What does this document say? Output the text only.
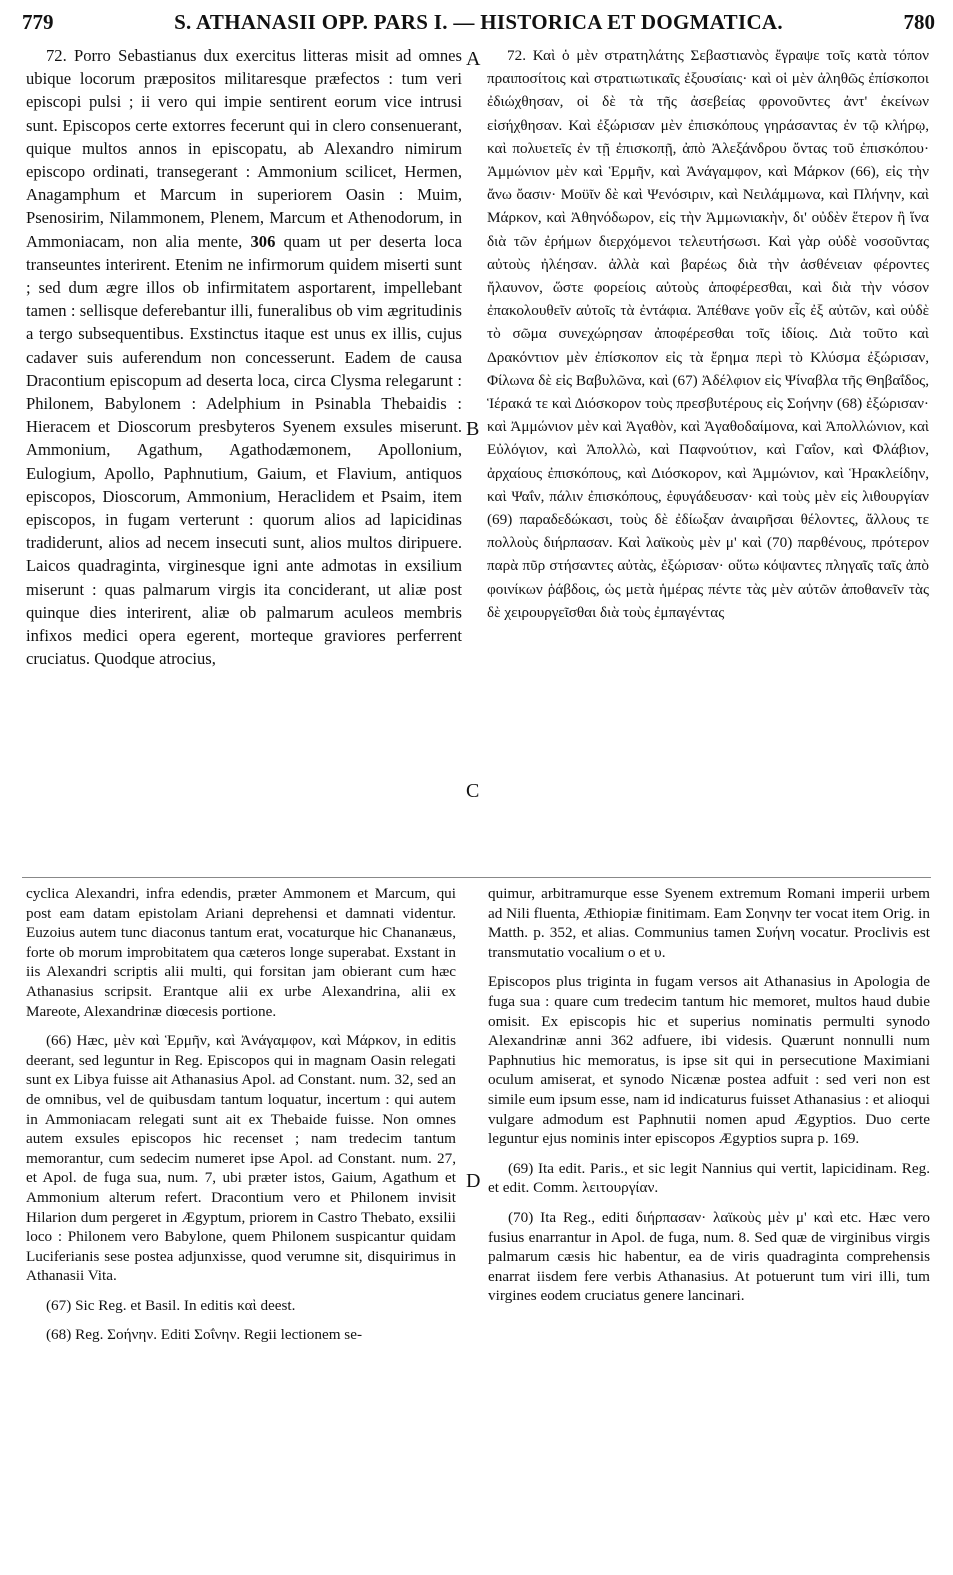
779	S. ATHANASII OPP. PARS I. — HISTORICA ET DOGMATICA.	780

72. Porro Sebastianus dux exercitus litteras misit ad omnes ubique locorum præpositos militaresque præfectos : tum veri episcopi pulsi ; ii vero qui impie sentirent eorum vice intrusi sunt. Episcopos certe extorres fecerunt qui in clero consenuerant, quique multos annos in episcopatu, ab Alexandro nimirum episcopo ordinati, transegerant : Ammonium scilicet, Hermen, Anagamphum et Marcum in superiorem Oasin : Muim, Psenosirim, Nilammonem, Plenem, Marcum et Athenodorum, in Ammoniacam, non alia mente, 306 quam ut per deserta loca transeuntes interirent. Etenim ne infirmorum quidem miserti sunt ; sed dum ægre illos ob infirmitatem asportarent, impellebant tamen : sellisque deferebantur illi, funeralibus ob vim ægritudinis a tergo subsequentibus. Exstinctus itaque est unus ex illis, cujus cadaver suis auferendum non concesserunt. Eadem de causa Dracontium episcopum ad deserta loca, circa Clysma relegarunt : Philonem, Babylonem : Adelphium in Psinabla Thebaidis : Hieracem et Dioscorum presbyteros Syenem exsules miserunt. Ammonium, Agathum, Agathodæmonem, Apollonium, Eulogium, Apollo, Paphnutium, Gaium, et Flavium, antiquos episcopos, Dioscorum, Ammonium, Heraclidem et Psaim, item episcopos, in fugam verterunt : quorum alios ad lapicidinas tradiderunt, alios ad necem insecuti sunt, alios multos diripuere. Laicos quadraginta, virginesque igni ante admotas in exsilium miserunt : quas palmarum virgis ita conciderant, ut aliæ post quinque dies interirent, aliæ ob palmarum aculeos membris infixos medici opera egerent, morteque graviores perferrent cruciatus. Quodque atrocius,

A
B
C
D

72. Καὶ ὁ μὲν στρατηλάτης Σεβαστιανὸς ἔγραψε τοῖς κατὰ τόπον πραιποσίτοις καὶ στρατιωτικαῖς ἐξουσίαις· καὶ οἱ μὲν ἀληθῶς ἐπίσκοποι ἐδιώχθησαν, οἱ δὲ τὰ τῆς ἀσεβείας φρονοῦντες ἀντ' ἐκείνων εἰσήχθησαν. Καὶ ἐξώρισαν μὲν ἐπισκόπους γηράσαντας ἐν τῷ κλήρῳ, καὶ πολυετεῖς ἐν τῇ ἐπισκοπῇ, ἀπὸ Ἀλεξάνδρου ὄντας τοῦ ἐπισκόπου· Ἀμμώνιον μὲν καὶ Ἑρμῆν, καὶ Ἀνάγαμφον, καὶ Μάρκον (66), εἰς τὴν ἄνω ὄασιν· Μοϋῖν δὲ καὶ Ψενόσιριν, καὶ Νειλάμμωνα, καὶ Πλήνην, καὶ Μάρκον, καὶ Ἀθηνόδωρον, εἰς τὴν Ἀμμωνιακὴν, δι' οὐδὲν ἕτερον ἢ ἵνα διὰ τῶν ἐρήμων διερχόμενοι τελευτήσωσι. Καὶ γὰρ οὐδὲ νοσοῦντας αὐτοὺς ἠλέησαν. ἀλλὰ καὶ βαρέως διὰ τὴν ἀσθένειαν φέροντες ἤλαυνον, ὥστε φορείοις αὐτοὺς ἀποφέρεσθαι, καὶ διὰ τὴν νόσον ἐπακολουθεῖν αὐτοῖς τὰ ἐντάφια. Ἀπέθανε γοῦν εἷς ἐξ αὐτῶν, καὶ οὐδὲ τὸ σῶμα συνεχώρησαν ἀποφέρεσθαι τοῖς ἰδίοις. Διὰ τοῦτο καὶ Δρακόντιον μὲν ἐπίσκοπον εἰς τὰ ἔρημα περὶ τὸ Κλύσμα ἐξώρισαν, Φίλωνα δὲ εἰς Βαβυλῶνα, καὶ (67) Ἀδέλφιον εἰς Ψίναβλα τῆς Θηβαΐδος, Ἱέρακά τε καὶ Διόσκορον τοὺς πρεσβυτέρους εἰς Σοήνην (68) ἐξώρισαν· καὶ Ἀμμώνιον μὲν καὶ Ἀγαθὸν, καὶ Ἀγαθοδαίμονα, καὶ Ἀπολλώνιον, καὶ Εὐλόγιον, καὶ Ἀπολλὼ, καὶ Παφνούτιον, καὶ Γαΐον, καὶ Φλάβιον, ἀρχαίους ἐπισκόπους, καὶ Διόσκορον, καὶ Ἀμμώνιον, καὶ Ἡρακλείδην, καὶ Ψαΐν, πάλιν ἐπισκόπους, ἐφυγάδευσαν· καὶ τοὺς μὲν εἰς λιθουργίαν (69) παραδεδώκασι, τοὺς δὲ ἐδίωξαν ἀναιρῆσαι θέλοντες, ἄλλους τε πολλοὺς διήρπασαν. Καὶ λαϊκοὺς μὲν μ' καὶ (70) παρθένους, πρότερον παρὰ πῦρ στήσαντες αὐτὰς, ἐξώρισαν· οὕτω κόψαντες πληγαῖς ταῖς ἀπὸ φοινίκων ῥάβδοις, ὡς μετὰ ἡμέρας πέντε τὰς μὲν αὐτῶν ἀποθανεῖν τὰς δὲ χειρουργεῖσθαι διὰ τοὺς ἐμπαγέντας

cyclica Alexandri, infra edendis, præter Ammonem et Marcum, qui post eam datam epistolam Ariani deprehensi et damnati videntur. Euzoius autem tunc diaconus tantum erat, vocaturque hic Chananæus, forte ob morum improbitatem qua cæteros longe superabat. Exstant in iis Alexandri scriptis alii multi, qui forsitan jam obierant cum hæc Athanasius scripsit. Erantque alii ex urbe Alexandrina, alii ex Mareote, Alexandrinæ diœcesis portione.

(66) Hæc, μὲν καὶ Ἑρμῆν, καὶ Ἀνάγαμφον, καὶ Μάρκον, in editis deerant, sed leguntur in Reg. Episcopos qui in magnam Oasin relegati sunt ex Libya fuisse ait Athanasius Apol. ad Constant. num. 32, sed an de omnibus, vel de quibusdam tantum loquatur, incertum : qui autem in Ammoniacam relegati sunt ait ex Thebaide fuisse. Non omnes autem exsules episcopos hic recenset ; nam tredecim tantum memorantur, cum sedecim numeret ipse Apol. ad Constant. num. 27, et Apol. de fuga sua, num. 7, ubi præter istos, Gaium, Agathum et Ammonium alterum refert. Dracontium vero et Philonem invisit Hilarion dum pergeret in Ægyptum, priorem in Castro Thebato, exsilii loco : Philonem vero Babylone, quem Philonem suspicantur quidam Luciferianis sese postea adjunxisse, quod verumne sit, disquirimus in Athanasii Vita.

(67) Sic Reg. et Basil. In editis καὶ deest.

(68) Reg. Σοήνην. Editi Σοΐνην. Regii lectionem se-

quimur, arbitramurque esse Syenem extremum Romani imperii urbem ad Nili fluenta, Æthiopiæ finitimam. Eam Σοηνην ter vocat item Orig. in Matth. p. 352, et alias. Communius tamen Συήνη vocatur. Proclivis est transmutatio vocalium ο et υ.

Episcopos plus triginta in fugam versos ait Athanasius in Apologia de fuga sua : quare cum tredecim tantum hic memoret, multos haud dubie omisit. Ex episcopis hic et superius nominatis permulti synodo Alexandrinæ anni 362 adfuere, ibi videsis. Quærunt nonnulli num Paphnutius hic memoratus, is ipse sit qui in persecutione Maximiani oculum amiserat, et synodo Nicænæ postea adfuit : sed veri non est simile eum ipsum esse, nam id indicaturus fuisset Athanasius : et alioqui vulgare admodum est Paphnutii nomen apud Ægyptios. Duo certe leguntur ejus nominis inter episcopos Ægyptios supra p. 169.

(69) Ita edit. Paris., et sic legit Nannius qui vertit, lapicidinam. Reg. et edit. Comm. λειτουργίαν.

(70) Ita Reg., editi διήρπασαν· λαϊκοὺς μὲν μ' καὶ etc. Hæc vero fusius enarrantur in Apol. de fuga, num. 8. Sed quæ de virginibus virgis palmarum cæsis hic habentur, ea de viris quadraginta comprehensis enarrat iisdem fere verbis Athanasius. At potuerunt tum viri illi, tum virgines eodem cruciatus genere lancinari.
